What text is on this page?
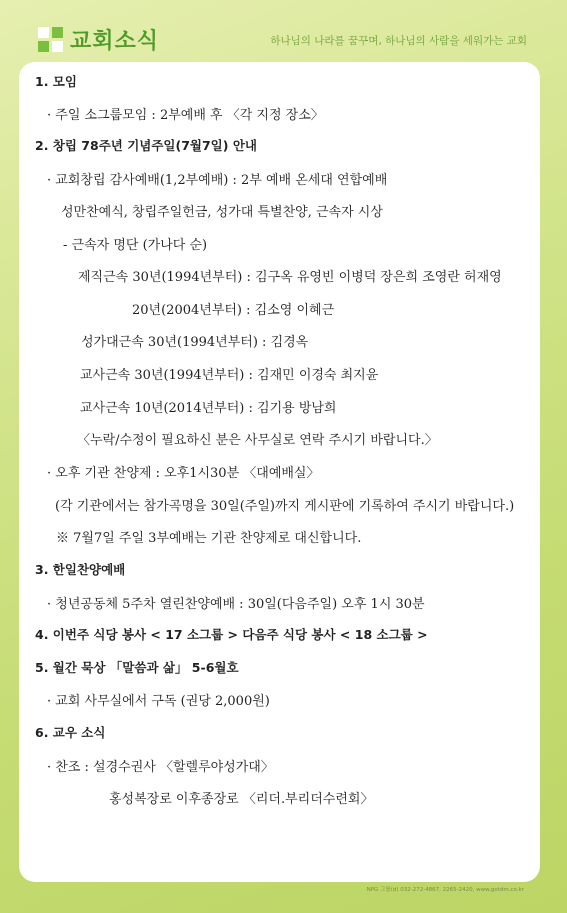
교회소식	하나님의 나라를 꿈꾸며, 하나님의 사람을 세워가는 교회
1. 모임
· 주일 소그룹모임 : 2부예배 후 〈각 지정 장소〉
2. 창립 78주년 기념주일(7월7일) 안내
· 교회창립 감사예배(1,2부예배) : 2부 예배 온세대 연합예배
성만찬예식, 창립주일헌금, 성가대 특별찬양, 근속자 시상
- 근속자 명단 (가나다 순)
제직근속 30년(1994년부터) : 김구옥 유영빈 이병덕 장은희 조영란 허재영
20년(2004년부터) : 김소영 이혜근
성가대근속 30년(1994년부터) : 김경옥
교사근속 30년(1994년부터) : 김재민 이경숙 최지윤
교사근속 10년(2014년부터) : 김기용 방남희
〈누락/수정이 필요하신 분은 사무실로 연락 주시기 바랍니다.〉
· 오후 기관 찬양제 : 오후1시30분 〈대예배실〉
(각 기관에서는 참가곡명을 30일(주일)까지 게시판에 기록하여 주시기 바랍니다.)
※ 7월7일 주일 3부예배는 기관 찬양제로 대신합니다.
3. 한일찬양예배
· 청년공동체 5주차 열린찬양예배 : 30일(다음주일) 오후 1시 30분
4. 이번주 식당 봉사 < 17 소그룹 > 다음주 식당 봉사 < 18 소그룹 >
5. 월간 묵상 「말씀과 삶」 5-6월호
· 교회 사무실에서 구독 (권당 2,000원)
6. 교우 소식
· 찬조 : 설경수권사 〈할렐루야성가대〉
홍성복장로 이후종장로 〈리더.부리더수련회〉
NPG 그룹(d) 032-272-4867, 2265-2420, www.gotdm.co.kr
